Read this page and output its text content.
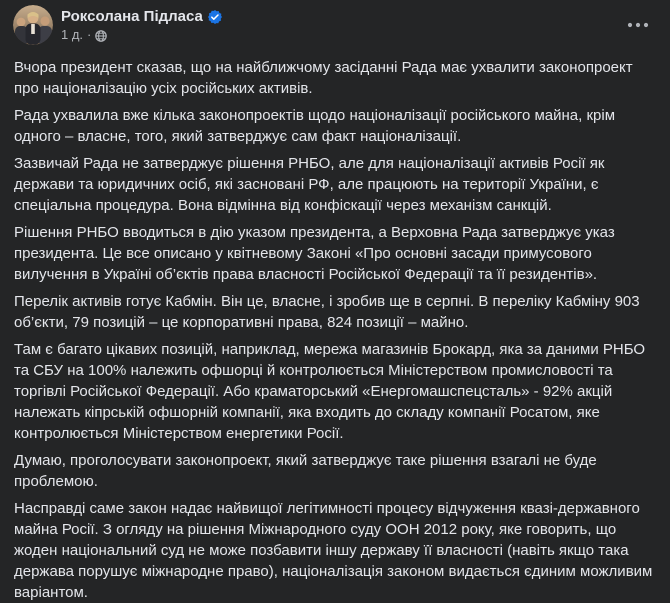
Роксолана Підласа
1 д. ·

Вчора президент сказав, що на найближчому засіданні Рада має ухвалити законопроект про націоналізацію усіх російських активів.

Рада ухвалила вже кілька законопроектів щодо націоналізації російського майна, крім одного – власне, того, який затверджує сам факт націоналізації.

Зазвичай Рада не затверджує рішення РНБО, але для націоналізації активів Росії як держави та юридичних осіб, які засновані РФ, але працюють на території України, є спеціальна процедура. Вона відмінна від конфіскації через механізм санкцій.

Рішення РНБО вводиться в дію указом президента, а Верховна Рада затверджує указ президента. Це все описано у квітневому Законі «Про основні засади примусового вилучення в Україні об’єктів права власності Російської Федерації та її резидентів».

Перелік активів готує Кабмін. Він це, власне, і зробив ще в серпні. В переліку Кабміну 903 об’єкти, 79 позицій – це корпоративні права, 824 позиції – майно.

Там є багато цікавих позицій, наприклад, мережа магазинів Брокард, яка за даними РНБО та СБУ на 100% належить офшорці й контролюється Міністерством промисловості та торгівлі Російської Федерації. Або краматорський «Енергомашспецсталь» - 92% акцій належать кіпрській офшорній компанії, яка входить до складу компанії Росатом, яке контролюється Міністерством енергетики Росії.

Думаю, проголосувати законопроект, який затверджує таке рішення взагалі не буде проблемою.

Насправді саме закон надає найвищої легітимності процесу відчуження квазі-державного майна Росії. З огляду на рішення Міжнародного суду ООН 2012 року, яке говорить, що жоден національний суд не може позбавити іншу державу її власності (навіть якщо така держава порушує міжнародне право), націоналізація законом видається єдиним можливим варіантом.
